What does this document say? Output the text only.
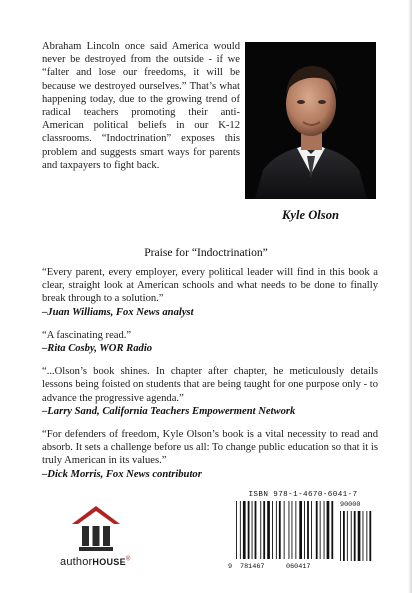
Abraham Lincoln once said America would never be destroyed from the outside - if we “falter and lose our freedoms, it will be because we destroyed ourselves.” That’s what happening today, due to the growing trend of radical teachers promoting their anti-American political beliefs in our K-12 classrooms. “Indoctrination” exposes this problem and suggests smart ways for parents and taxpayers to fight back.

Kyle Olson
Praise for “Indoctrination”

“Every parent, every employer, every political leader will find in this book a clear, straight look at American schools and what needs to be done to finally break through to a solution.”

–Juan Williams, Fox News analyst

“A fascinating read.”

–Rita Cosby, WOR Radio

“...Olson’s book shines. In chapter after chapter, he meticulously details lessons being foisted on students that are being taught for one purpose only - to advance the progressive agenda.”

–Larry Sand, California Teachers Empowerment Network

“For defenders of freedom, Kyle Olson’s book is a vital necessity to read and absorb. It sets a challenge before us all: To change public education so that it is truly American in its values.”

–Dick Morris, Fox News contributor

authorHOUSE®
ISBN 978-1-4670-6041-7
9 781467	060417
90000
